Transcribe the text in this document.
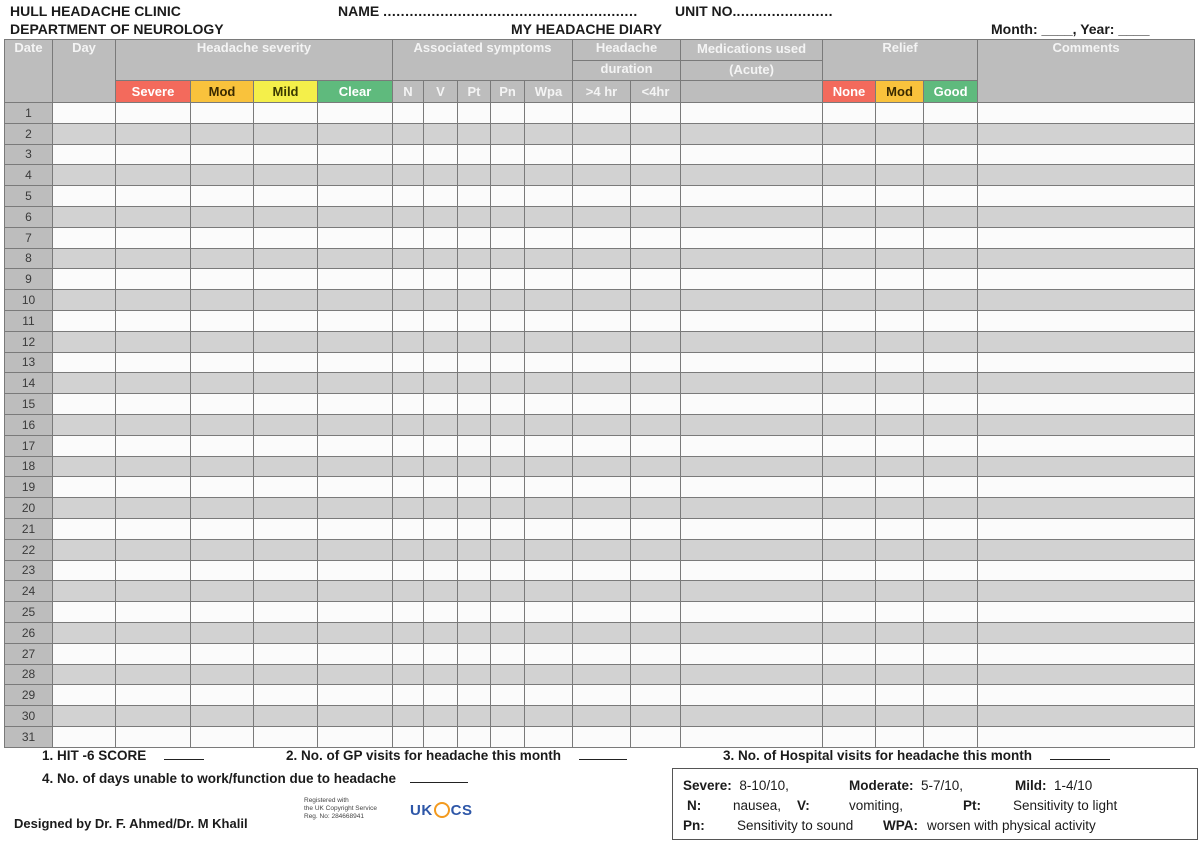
HULL HEADACHE CLINIC
DEPARTMENT OF NEUROLOGY
NAME ..........................................................	UNIT NO.......................
MY HEADACHE DIARY	Month: ____, Year: ____
Date	Day	Headache severity				Associated symptoms					Headache		Medications used	Relief			Comments
											duration		(Acute)				
		Severe	Mod	Mild	Clear	N	V	Pt	Pn	Wpa	>4 hr	<4hr		None	Mod	Good	
1																	
2																	
3																	
4																	
5																	
6																	
7																	
8																	
9																	
10																	
11																	
12																	
13																	
14																	
15																	
16																	
17																	
18																	
19																	
20																	
21																	
22																	
23																	
24																	
25																	
26																	
27																	
28																	
29																	
30																	
31																	
1. HIT -6 SCORE	2. No. of GP visits for headache this month	3. No. of Hospital visits for headache this month
4. No. of days unable to work/function due to headache	Severe: 8-10/10,	Moderate: 5-7/10,	Mild: 1-4/10
N: nausea, V:	vomiting,	Pt: Sensitivity to light
Pn: Sensitivity to sound WPA: worsen with physical activity
Designed by Dr. F. Ahmed/Dr. M Khalil
Registered with
the UK Copyright Service
Reg. No: 284668941	UK CS
